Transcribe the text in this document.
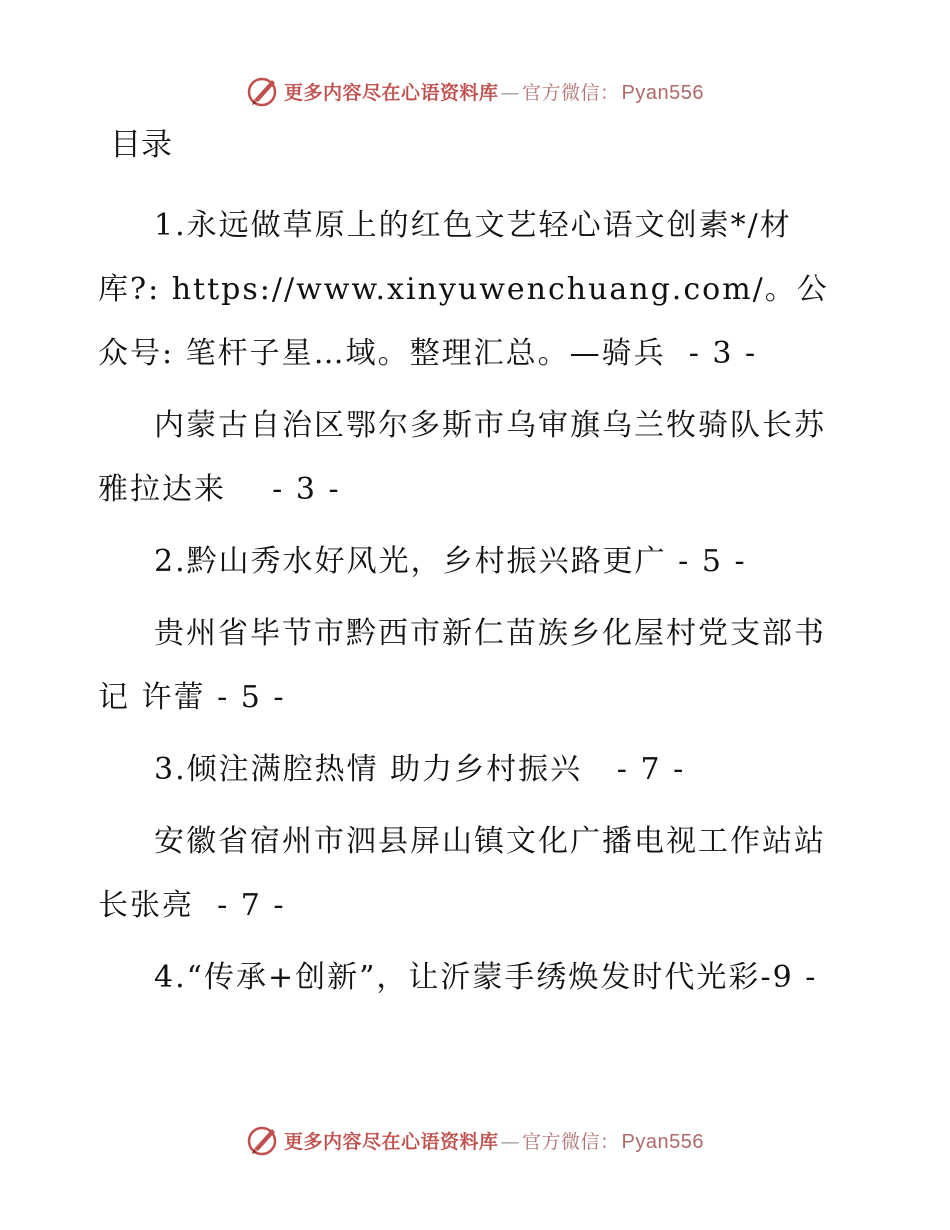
更多内容尽在心语资料库 — 官方微信： Pyan556
目录

1.永远做草原上的红色文艺轻心语文创素*/材库?: https://www.xinyuwenchuang.com/。公众号: 笔杆子星…域。整理汇总。—骑兵  - 3 -

内蒙古自治区鄂尔多斯市乌审旗乌兰牧骑队长苏雅拉达来    - 3 -

2.黔山秀水好风光，乡村振兴路更广 - 5 -

贵州省毕节市黔西市新仁苗族乡化屋村党支部书记 许蕾 - 5 -

3.倾注满腔热情 助力乡村振兴   - 7 -

安徽省宿州市泗县屏山镇文化广播电视工作站站长张亮  - 7 -

4.“传承+创新”，让沂蒙手绣焕发时代光彩-9 -

更多内容尽在心语资料库 — 官方微信： Pyan556
